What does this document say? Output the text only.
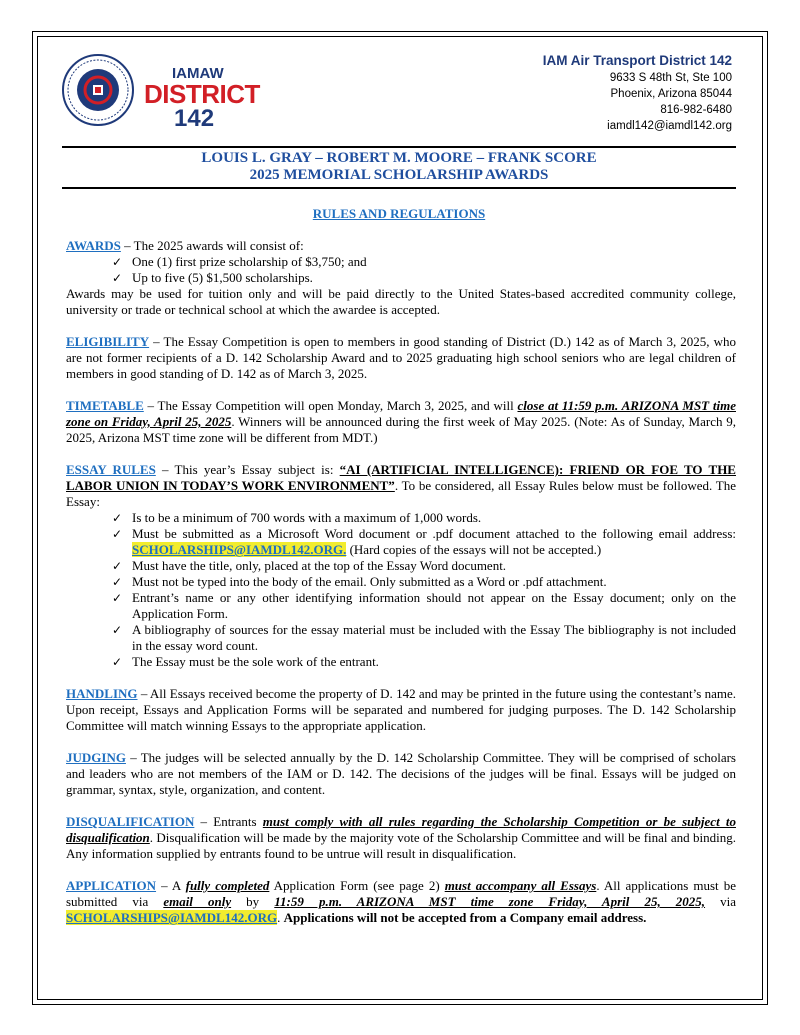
IAMAW
DISTRICT
142
IAM Air Transport District 142
9633 S 48th St, Ste 100
Phoenix, Arizona 85044
816-982-6480
iamdl142@iamdl142.org
LOUIS L. GRAY – ROBERT M. MOORE – FRANK SCORE
2025 MEMORIAL SCHOLARSHIP AWARDS
RULES AND REGULATIONS

AWARDS – The 2025 awards will consist of:

✓ One (1) first prize scholarship of $3,750; and
✓ Up to five (5) $1,500 scholarships.

Awards may be used for tuition only and will be paid directly to the United States-based accredited community college, university or trade or technical school at which the awardee is accepted.

ELIGIBILITY – The Essay Competition is open to members in good standing of District (D.) 142 as of March 3, 2025, who are not former recipients of a D. 142 Scholarship Award and to 2025 graduating high school seniors who are legal children of members in good standing of D. 142 as of March 3, 2025.

TIMETABLE – The Essay Competition will open Monday, March 3, 2025, and will close at 11:59 p.m. ARIZONA MST time zone on Friday, April 25, 2025. Winners will be announced during the first week of May 2025. (Note: As of Sunday, March 9, 2025, Arizona MST time zone will be different from MDT.)

ESSAY RULES – This year’s Essay subject is: “AI (ARTIFICIAL INTELLIGENCE): FRIEND OR FOE TO THE LABOR UNION IN TODAY’S WORK ENVIRONMENT”. To be considered, all Essay Rules below must be followed. The Essay:

✓ Is to be a minimum of 700 words with a maximum of 1,000 words.
✓ Must be submitted as a Microsoft Word document or .pdf document attached to the following email address: SCHOLARSHIPS@IAMDL142.ORG. (Hard copies of the essays will not be accepted.)
✓ Must have the title, only, placed at the top of the Essay Word document.
✓ Must not be typed into the body of the email. Only submitted as a Word or .pdf attachment.
✓ Entrant’s name or any other identifying information should not appear on the Essay document; only on the Application Form.
✓ A bibliography of sources for the essay material must be included with the Essay The bibliography is not included in the essay word count.
✓ The Essay must be the sole work of the entrant.

HANDLING – All Essays received become the property of D. 142 and may be printed in the future using the contestant’s name. Upon receipt, Essays and Application Forms will be separated and numbered for judging purposes. The D. 142 Scholarship Committee will match winning Essays to the appropriate application.

JUDGING – The judges will be selected annually by the D. 142 Scholarship Committee. They will be comprised of scholars and leaders who are not members of the IAM or D. 142. The decisions of the judges will be final. Essays will be judged on grammar, syntax, style, organization, and content.

DISQUALIFICATION – Entrants must comply with all rules regarding the Scholarship Competition or be subject to disqualification. Disqualification will be made by the majority vote of the Scholarship Committee and will be final and binding. Any information supplied by entrants found to be untrue will result in disqualification.

APPLICATION – A fully completed Application Form (see page 2) must accompany all Essays. All applications must be submitted via email only by 11:59 p.m. ARIZONA MST time zone Friday, April 25, 2025, via SCHOLARSHIPS@IAMDL142.ORG. Applications will not be accepted from a Company email address.
